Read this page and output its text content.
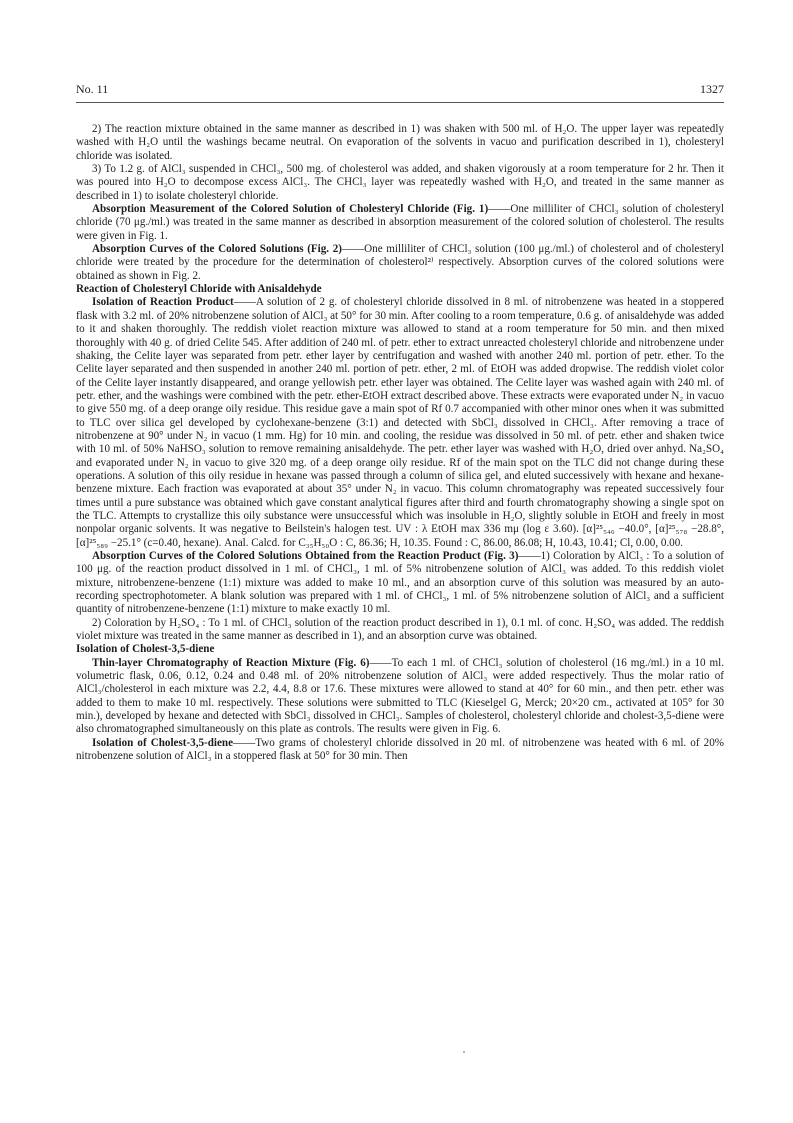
No. 11	1327

2) The reaction mixture obtained in the same manner as described in 1) was shaken with 500 ml. of H₂O. The upper layer was repeatedly washed with H₂O until the washings became neutral. On evaporation of the solvents in vacuo and purification described in 1), cholesteryl chloride was isolated.

3) To 1.2 g. of AlCl₃ suspended in CHCl₃, 500 mg. of cholesterol was added, and shaken vigorously at a room temperature for 2 hr. Then it was poured into H₂O to decompose excess AlCl₃. The CHCl₃ layer was repeatedly washed with H₂O, and treated in the same manner as described in 1) to isolate cholesteryl chloride.

Absorption Measurement of the Colored Solution of Cholesteryl Chloride (Fig. 1)——One milliliter of CHCl₃ solution of cholesteryl chloride (70 μg./ml.) was treated in the same manner as described in absorption measurement of the colored solution of cholesterol. The results were given in Fig. 1.

Absorption Curves of the Colored Solutions (Fig. 2)——One milliliter of CHCl₃ solution (100 μg./ml.) of cholesterol and of cholesteryl chloride were treated by the procedure for the determination of cholesterol²⁾ respectively. Absorption curves of the colored solutions were obtained as shown in Fig. 2.

Reaction of Cholesteryl Chloride with Anisaldehyde

Isolation of Reaction Product——A solution of 2 g. of cholesteryl chloride dissolved in 8 ml. of nitrobenzene was heated in a stoppered flask with 3.2 ml. of 20% nitrobenzene solution of AlCl₃ at 50° for 30 min. After cooling to a room temperature, 0.6 g. of anisaldehyde was added to it and shaken thoroughly. The reddish violet reaction mixture was allowed to stand at a room temperature for 50 min. and then mixed thoroughly with 40 g. of dried Celite 545. After addition of 240 ml. of petr. ether to extract unreacted cholesteryl chloride and nitrobenzene under shaking, the Celite layer was separated from petr. ether layer by centrifugation and washed with another 240 ml. portion of petr. ether. To the Celite layer separated and then suspended in another 240 ml. portion of petr. ether, 2 ml. of EtOH was added dropwise. The reddish violet color of the Celite layer instantly disappeared, and orange yellowish petr. ether layer was obtained. The Celite layer was washed again with 240 ml. of petr. ether, and the washings were combined with the petr. ether-EtOH extract described above. These extracts were evaporated under N₂ in vacuo to give 550 mg. of a deep orange oily residue. This residue gave a main spot of Rf 0.7 accompanied with other minor ones when it was submitted to TLC over silica gel developed by cyclohexane-benzene (3:1) and detected with SbCl₃ dissolved in CHCl₃. After removing a trace of nitrobenzene at 90° under N₂ in vacuo (1 mm. Hg) for 10 min. and cooling, the residue was dissolved in 50 ml. of petr. ether and shaken twice with 10 ml. of 50% NaHSO₃ solution to remove remaining anisaldehyde. The petr. ether layer was washed with H₂O, dried over anhyd. Na₂SO₄ and evaporated under N₂ in vacuo to give 320 mg. of a deep orange oily residue. Rf of the main spot on the TLC did not change during these operations. A solution of this oily residue in hexane was passed through a column of silica gel, and eluted successively with hexane and hexane-benzene mixture. Each fraction was evaporated at about 35° under N₂ in vacuo. This column chromatography was repeated successively four times until a pure substance was obtained which gave constant analytical figures after third and fourth chromatography showing a single spot on the TLC. Attempts to crystallize this oily substance were unsuccessful which was insoluble in H₂O, slightly soluble in EtOH and freely in most nonpolar organic solvents. It was negative to Beilstein's halogen test. UV : λ EtOH max 336 mμ (log ε 3.60). [α]²⁵₅₄₆ −40.0°, [α]²⁵₅₇₈ −28.8°, [α]²⁵₅₈₉ −25.1° (c=0.40, hexane). Anal. Calcd. for C₃₅H₅₀O : C, 86.36; H, 10.35. Found : C, 86.00, 86.08; H, 10.43, 10.41; Cl, 0.00, 0.00.

Absorption Curves of the Colored Solutions Obtained from the Reaction Product (Fig. 3)——1) Coloration by AlCl₃ : To a solution of 100 μg. of the reaction product dissolved in 1 ml. of CHCl₃, 1 ml. of 5% nitrobenzene solution of AlCl₃ was added. To this reddish violet mixture, nitrobenzene-benzene (1:1) mixture was added to make 10 ml., and an absorption curve of this solution was measured by an auto-recording spectrophotometer. A blank solution was prepared with 1 ml. of CHCl₃, 1 ml. of 5% nitrobenzene solution of AlCl₃ and a sufficient quantity of nitrobenzene-benzene (1:1) mixture to make exactly 10 ml.

2) Coloration by H₂SO₄ : To 1 ml. of CHCl₃ solution of the reaction product described in 1), 0.1 ml. of conc. H₂SO₄ was added. The reddish violet mixture was treated in the same manner as described in 1), and an absorption curve was obtained.

Isolation of Cholest-3,5-diene

Thin-layer Chromatography of Reaction Mixture (Fig. 6)——To each 1 ml. of CHCl₃ solution of cholesterol (16 mg./ml.) in a 10 ml. volumetric flask, 0.06, 0.12, 0.24 and 0.48 ml. of 20% nitrobenzene solution of AlCl₃ were added respectively. Thus the molar ratio of AlCl₃/cholesterol in each mixture was 2.2, 4.4, 8.8 or 17.6. These mixtures were allowed to stand at 40° for 60 min., and then petr. ether was added to them to make 10 ml. respectively. These solutions were submitted to TLC (Kieselgel G, Merck; 20×20 cm., activated at 105° for 30 min.), developed by hexane and detected with SbCl₃ dissolved in CHCl₃. Samples of cholesterol, cholesteryl chloride and cholest-3,5-diene were also chromatographed simultaneously on this plate as controls. The results were given in Fig. 6.

Isolation of Cholest-3,5-diene——Two grams of cholesteryl chloride dissolved in 20 ml. of nitrobenzene was heated with 6 ml. of 20% nitrobenzene solution of AlCl₃ in a stoppered flask at 50° for 30 min. Then
